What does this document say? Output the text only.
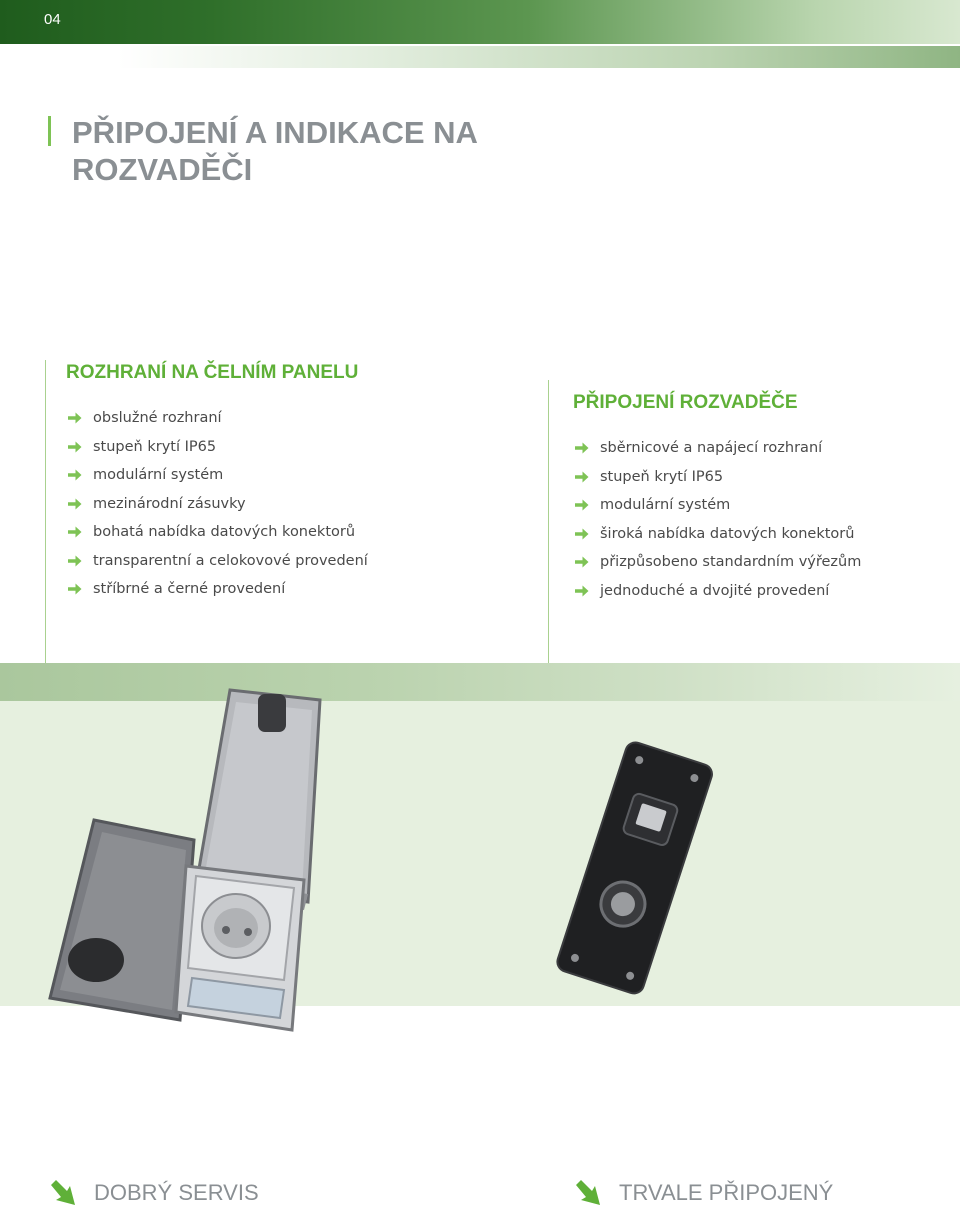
04
PŘIPOJENÍ A INDIKACE NA ROZVADĚČI
ROZHRANÍ NA ČELNÍM PANELU
obslužné rozhraní
stupeň krytí IP65
modulární systém
mezinárodní zásuvky
bohatá nabídka datových konektorů
transparentní a celokovové provedení
stříbrné a černé provedení
PŘIPOJENÍ ROZVADĚČE
sběrnicové a napájecí rozhraní
stupeň krytí IP65
modulární systém
široká nabídka datových konektorů
přizpůsobeno standardním výřezům
jednoduché a dvojité provedení
DOBRÝ SERVIS	TRVALE PŘIPOJENÝ
